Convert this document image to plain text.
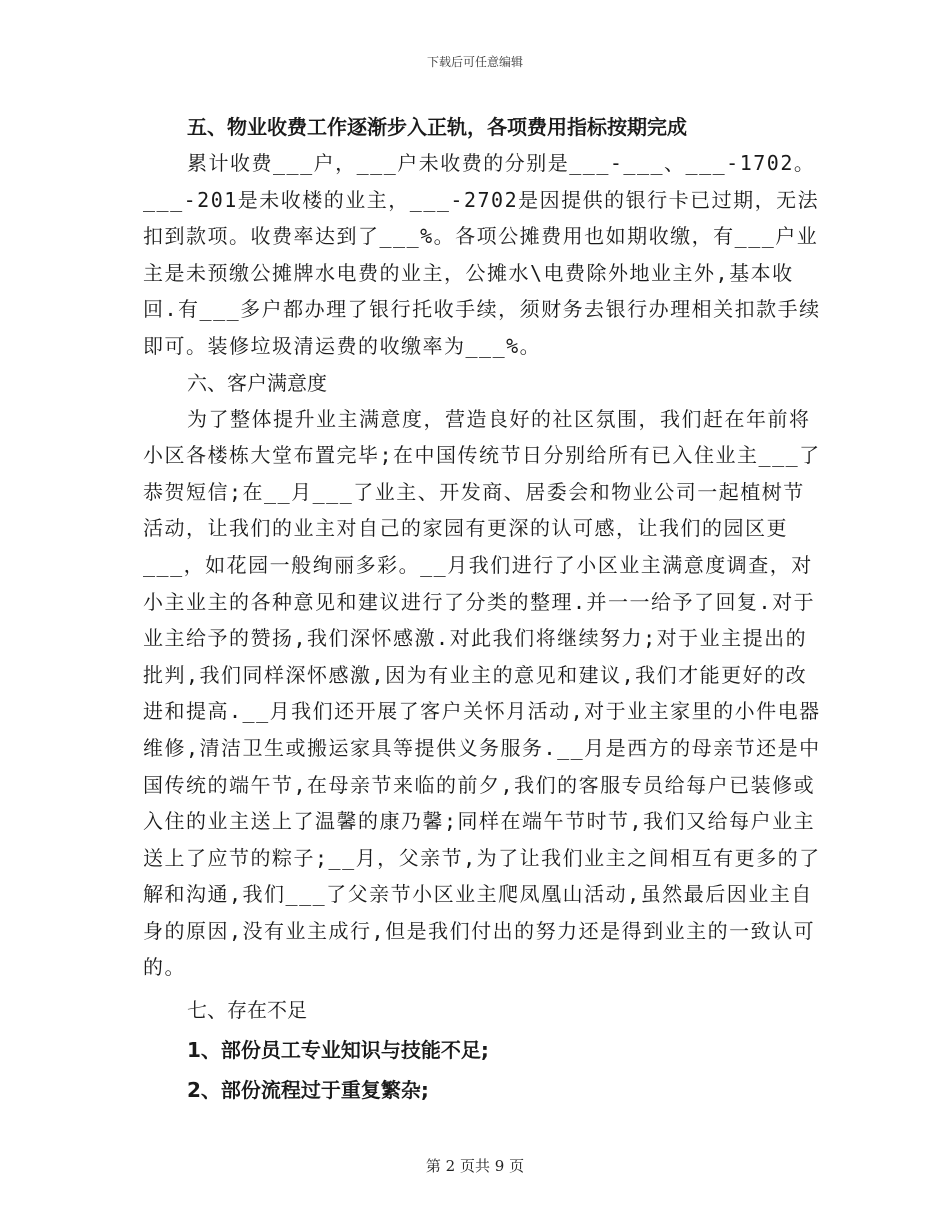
下载后可任意编辑

五、物业收费工作逐渐步入正轨，各项费用指标按期完成

累计收费___户，___户未收费的分别是___-___、___-1702。___-201是未收楼的业主，___-2702是因提供的银行卡已过期，无法扣到款项。收费率达到了___%。各项公摊费用也如期收缴，有___户业主是未预缴公摊牌水电费的业主，公摊水\电费除外地业主外,基本收回.有___多户都办理了银行托收手续，须财务去银行办理相关扣款手续即可。装修垃圾清运费的收缴率为___%。

六、客户满意度

为了整体提升业主满意度，营造良好的社区氛围，我们赶在年前将小区各楼栋大堂布置完毕;在中国传统节日分别给所有已入住业主___了恭贺短信;在__月___了业主、开发商、居委会和物业公司一起植树节活动，让我们的业主对自己的家园有更深的认可感，让我们的园区更___，如花园一般绚丽多彩。__月我们进行了小区业主满意度调查，对小主业主的各种意见和建议进行了分类的整理.并一一给予了回复.对于业主给予的赞扬,我们深怀感激.对此我们将继续努力;对于业主提出的批判,我们同样深怀感激,因为有业主的意见和建议,我们才能更好的改进和提高.__月我们还开展了客户关怀月活动,对于业主家里的小件电器维修,清洁卫生或搬运家具等提供义务服务.__月是西方的母亲节还是中国传统的端午节,在母亲节来临的前夕,我们的客服专员给每户已装修或入住的业主送上了温馨的康乃馨;同样在端午节时节,我们又给每户业主送上了应节的粽子;__月，父亲节,为了让我们业主之间相互有更多的了解和沟通,我们___了父亲节小区业主爬凤凰山活动,虽然最后因业主自身的原因,没有业主成行,但是我们付出的努力还是得到业主的一致认可的。

七、存在不足

1、部份员工专业知识与技能不足;

2、部份流程过于重复繁杂;

第 2 页共 9 页
